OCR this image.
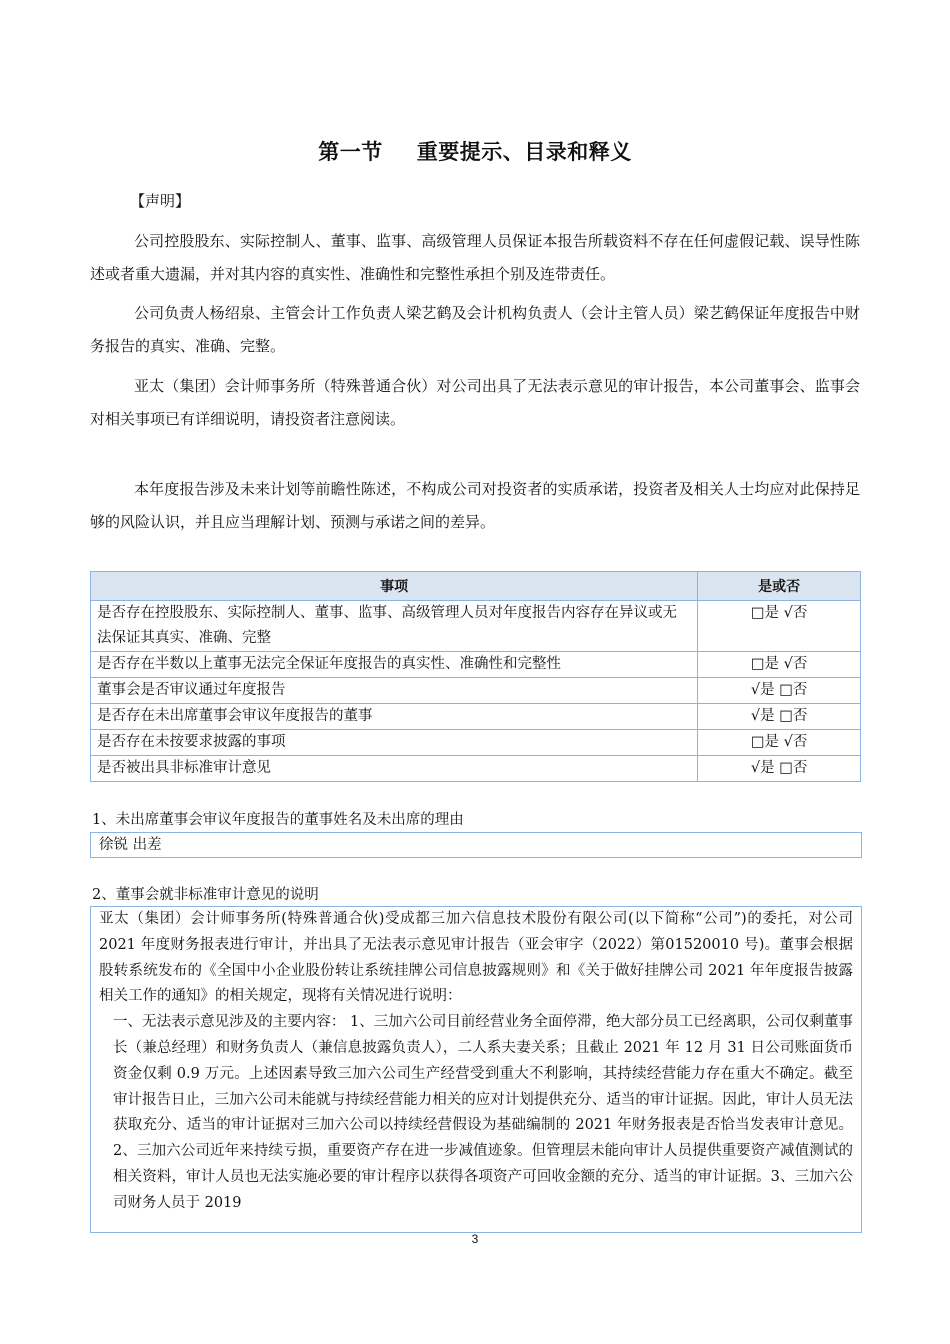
第一节 重要提示、目录和释义
【声明】
公司控股股东、实际控制人、董事、监事、高级管理人员保证本报告所载资料不存在任何虚假记载、误导性陈述或者重大遗漏，并对其内容的真实性、准确性和完整性承担个别及连带责任。
公司负责人杨绍泉、主管会计工作负责人梁艺鹤及会计机构负责人（会计主管人员）梁艺鹤保证年度报告中财务报告的真实、准确、完整。
亚太（集团）会计师事务所（特殊普通合伙）对公司出具了无法表示意见的审计报告，本公司董事会、监事会对相关事项已有详细说明，请投资者注意阅读。
本年度报告涉及未来计划等前瞻性陈述，不构成公司对投资者的实质承诺，投资者及相关人士均应对此保持足够的风险认识，并且应当理解计划、预测与承诺之间的差异。
事项	是或否
是否存在控股股东、实际控制人、董事、监事、高级管理人员对年度报告内容存在异议或无法保证其真实、准确、完整	□是 √否
是否存在半数以上董事无法完全保证年度报告的真实性、准确性和完整性	□是 √否
董事会是否审议通过年度报告	√是 □否
是否存在未出席董事会审议年度报告的董事	√是 □否
是否存在未按要求披露的事项	□是 √否
是否被出具非标准审计意见	√是 □否
1、未出席董事会审议年度报告的董事姓名及未出席的理由
徐锐 出差
2、董事会就非标准审计意见的说明
亚太（集团）会计师事务所(特殊普通合伙)受成都三加六信息技术股份有限公司(以下简称“公司”)的委托，对公司 2021 年度财务报表进行审计，并出具了无法表示意见审计报告（亚会审字（2022）第01520010 号)。董事会根据股转系统发布的《全国中小企业股份转让系统挂牌公司信息披露规则》和《关于做好挂牌公司 2021 年年度报告披露相关工作的通知》的相关规定，现将有关情况进行说明：
一、无法表示意见涉及的主要内容： 1、三加六公司目前经营业务全面停滞，绝大部分员工已经离职，公司仅剩董事长（兼总经理）和财务负责人（兼信息披露负责人），二人系夫妻关系；且截止 2021 年 12 月 31 日公司账面货币资金仅剩 0.9 万元。上述因素导致三加六公司生产经营受到重大不利影响，其持续经营能力存在重大不确定。截至审计报告日止，三加六公司未能就与持续经营能力相关的应对计划提供充分、适当的审计证据。因此，审计人员无法获取充分、适当的审计证据对三加六公司以持续经营假设为基础编制的 2021 年财务报表是否恰当发表审计意见。2、三加六公司近年来持续亏损，重要资产存在进一步减值迹象。但管理层未能向审计人员提供重要资产减值测试的相关资料，审计人员也无法实施必要的审计程序以获得各项资产可回收金额的充分、适当的审计证据。3、三加六公司财务人员于 2019
3
